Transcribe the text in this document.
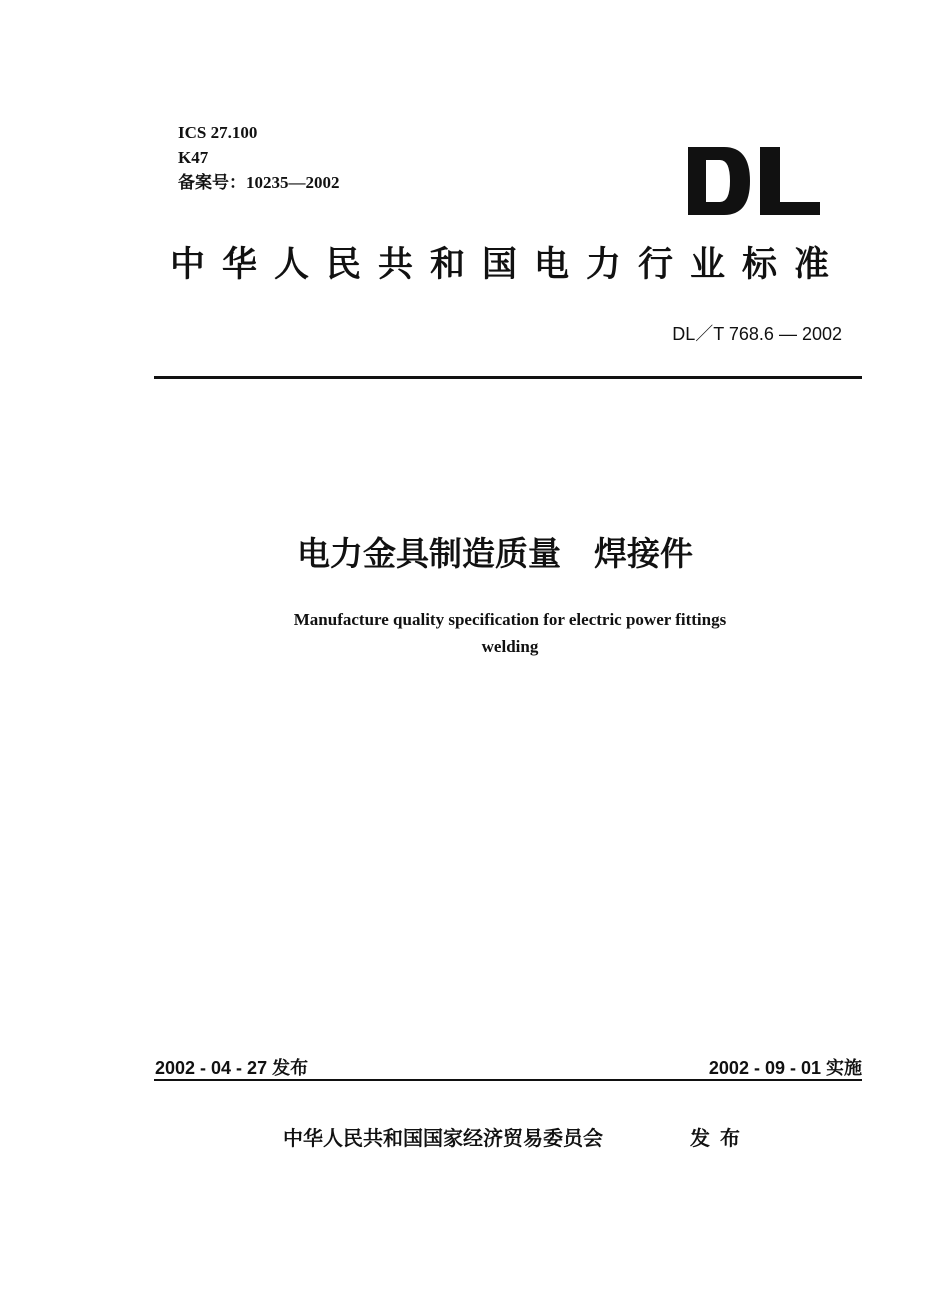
ICS 27.100
K47
备案号：10235—2002
中华人民共和国电力行业标准
DL／T 768.6 — 2002
电力金具制造质量　焊接件
Manufacture quality specification for electric power fittings
welding
2002 - 04 - 27 发布	2002 - 09 - 01 实施
中华人民共和国国家经济贸易委员会	发布
